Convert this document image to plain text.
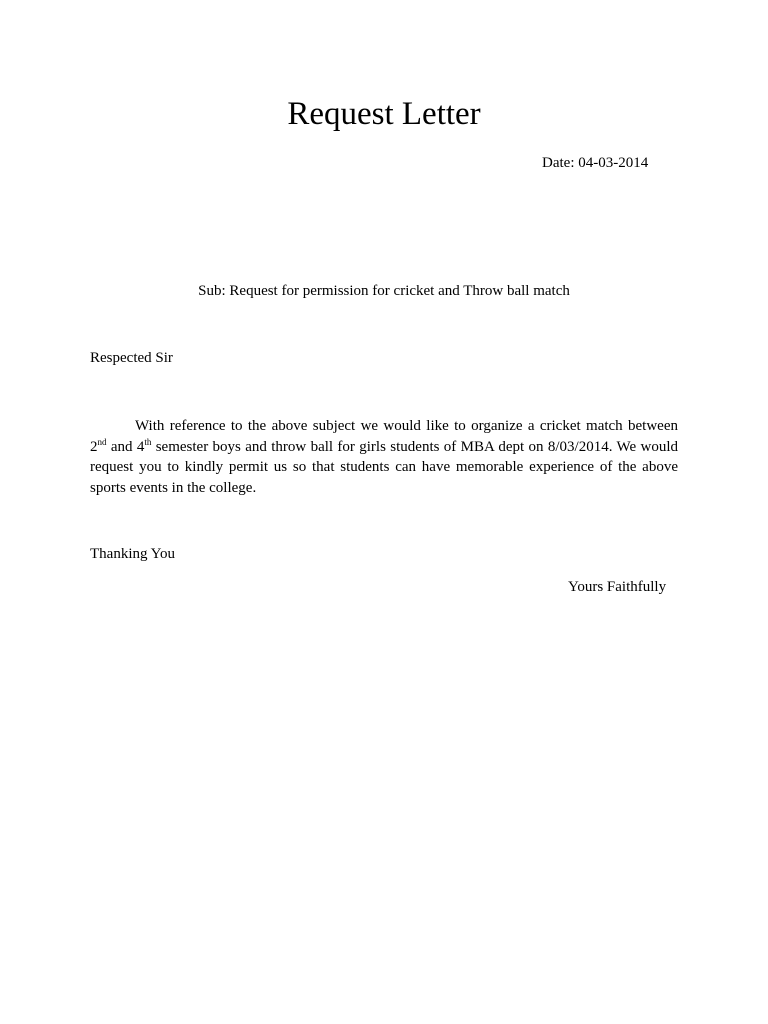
Request Letter
Date: 04-03-2014
Sub: Request for permission for cricket and Throw ball match
Respected Sir
With reference to the above subject we would like to organize a cricket match between
2nd and 4th semester boys and throw ball for girls students of MBA dept on 8/03/2014. We would
request you to kindly permit us so that students can have memorable experience of the above
sports events in the college.
Thanking You
Yours Faithfully
